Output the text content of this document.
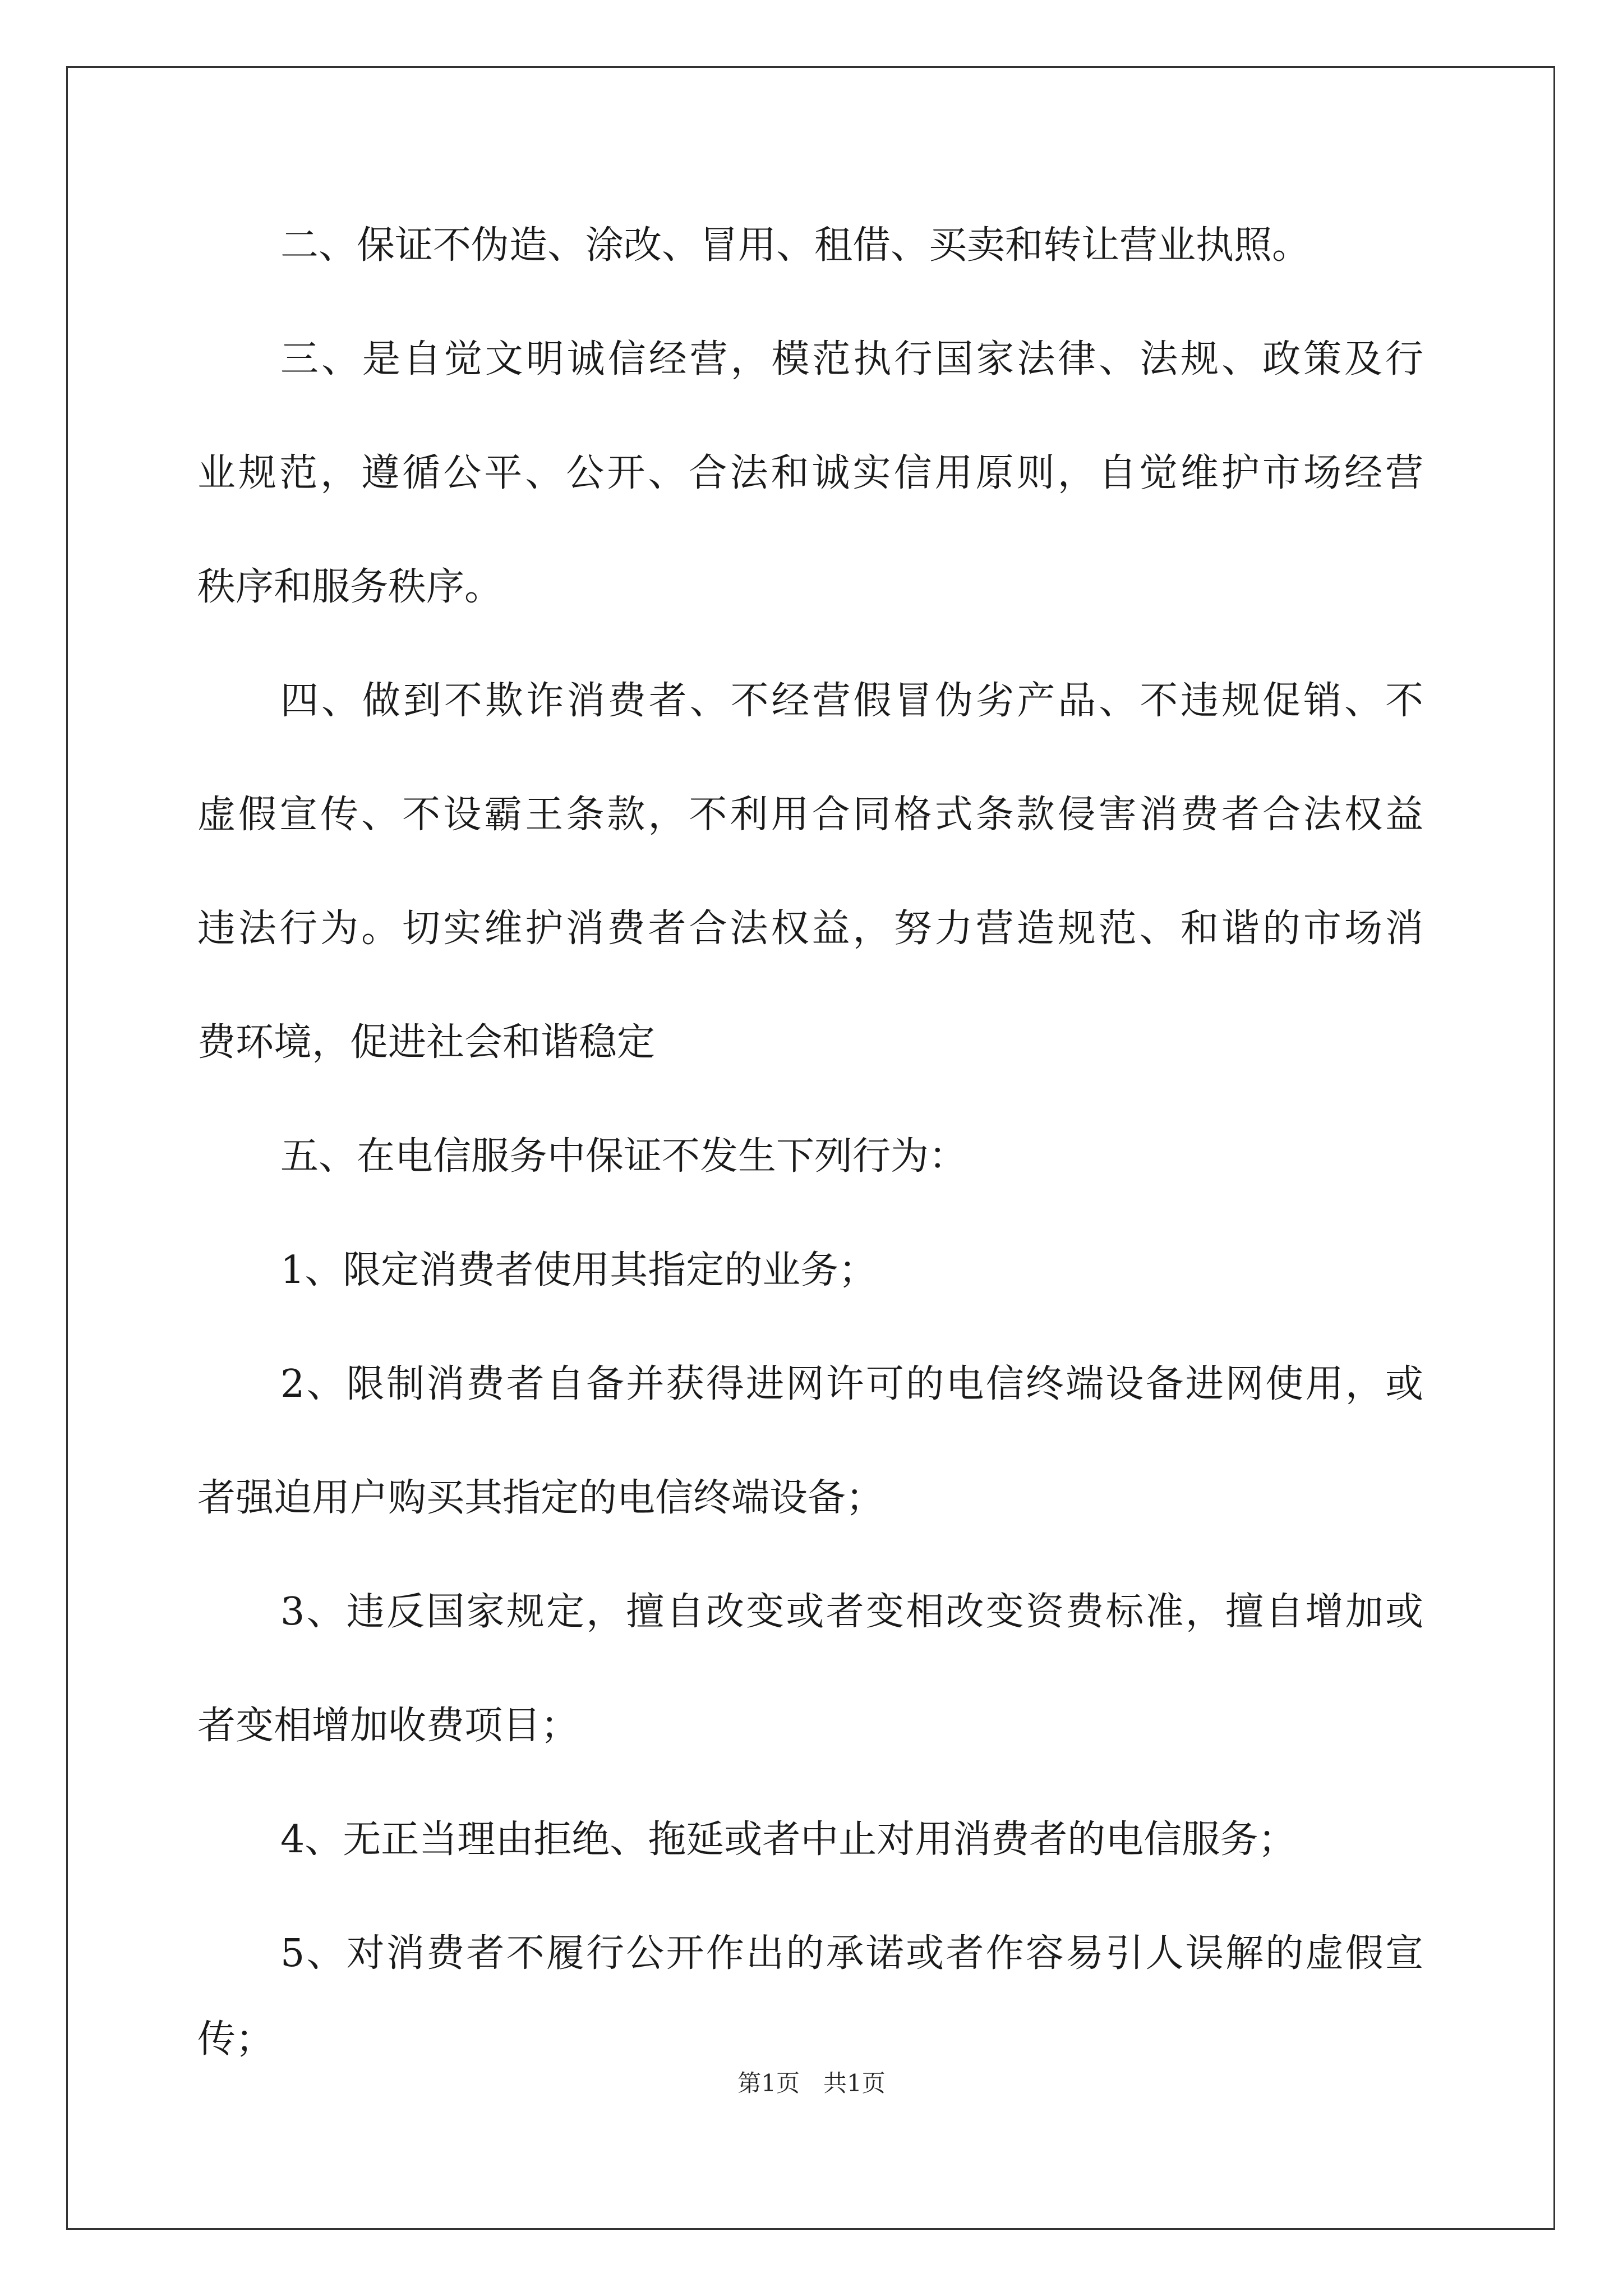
二、保证不伪造、涂改、冒用、租借、买卖和转让营业执照。
三、是自觉文明诚信经营，模范执行国家法律、法规、政策及行
业规范，遵循公平、公开、合法和诚实信用原则，自觉维护市场经营
秩序和服务秩序。
四、做到不欺诈消费者、不经营假冒伪劣产品、不违规促销、不
虚假宣传、不设霸王条款，不利用合同格式条款侵害消费者合法权益
违法行为。切实维护消费者合法权益，努力营造规范、和谐的市场消
费环境，促进社会和谐稳定
五、在电信服务中保证不发生下列行为：
1、限定消费者使用其指定的业务；
2、限制消费者自备并获得进网许可的电信终端设备进网使用，或
者强迫用户购买其指定的电信终端设备；
3、违反国家规定，擅自改变或者变相改变资费标准，擅自增加或
者变相增加收费项目；
4、无正当理由拒绝、拖延或者中止对用消费者的电信服务；
5、对消费者不履行公开作出的承诺或者作容易引人误解的虚假宣
传；
第1页　共1页
